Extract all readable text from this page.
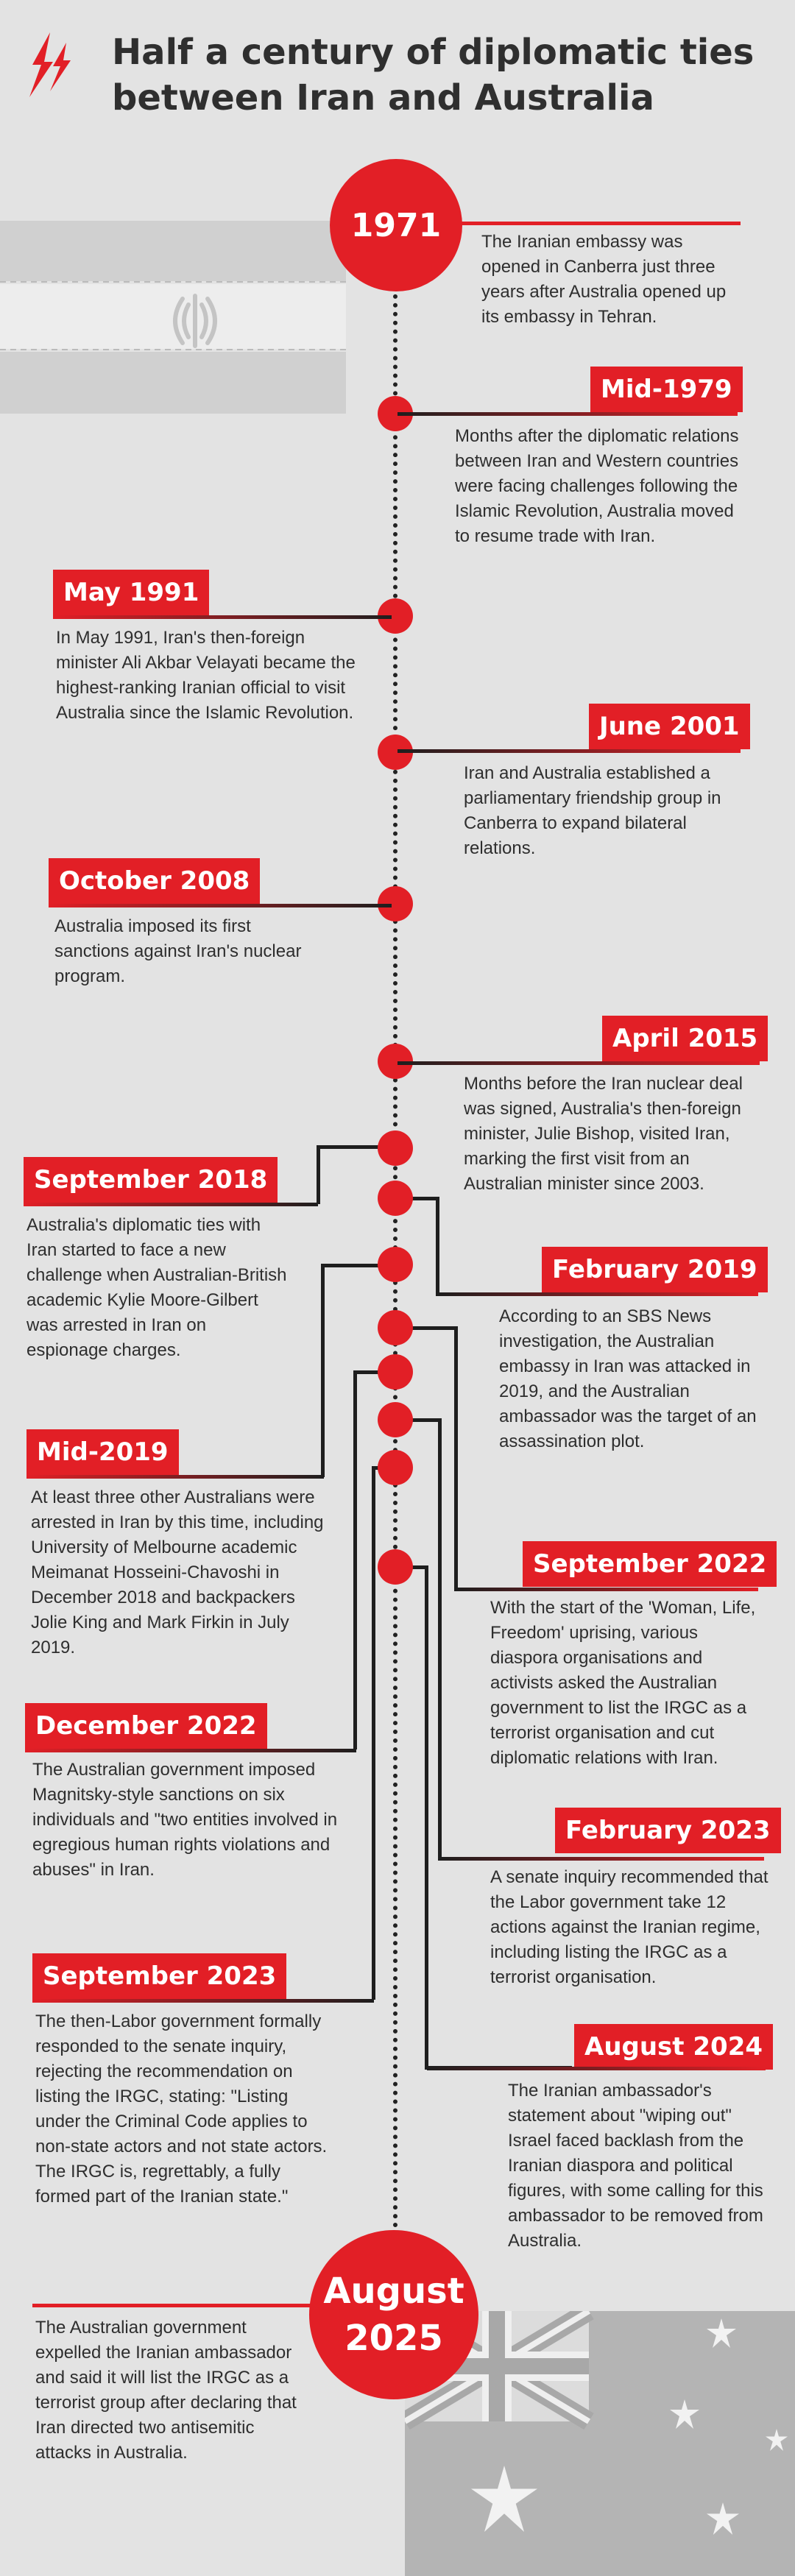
Half a century of diplomatic ties between Iran and Australia
1971	The Iranian embassy was opened in Canberra just three years after Australia opened up its embassy in Tehran.
Mid-1979
Months after the diplomatic relations between Iran and Western countries were facing challenges following the Islamic Revolution, Australia moved to resume trade with Iran.
May 1991
In May 1991, Iran's then-foreign minister Ali Akbar Velayati became the highest-ranking Iranian official to visit Australia since the Islamic Revolution.	June 2001
Iran and Australia established a parliamentary friendship group in Canberra to expand bilateral relations.
October 2008
Australia imposed its first sanctions against Iran's nuclear program.
April 2015
Months before the Iran nuclear deal was signed, Australia's then-foreign minister, Julie Bishop, visited Iran, marking the first visit from an Australian minister since 2003.
September 2018
Australia's diplomatic ties with Iran started to face a new challenge when Australian-British academic Kylie Moore-Gilbert was arrested in Iran on espionage charges.
February 2019
According to an SBS News investigation, the Australian embassy in Iran was attacked in 2019, and the Australian ambassador was the target of an assassination plot.
Mid-2019
At least three other Australians were arrested in Iran by this time, including University of Melbourne academic Meimanat Hosseini-Chavoshi in December 2018 and backpackers Jolie King and Mark Firkin in July 2019.
September 2022
With the start of the 'Woman, Life, Freedom' uprising, various diaspora organisations and activists asked the Australian government to list the IRGC as a terrorist organisation and cut diplomatic relations with Iran.
December 2022
The Australian government imposed Magnitsky-style sanctions on six individuals and "two entities involved in egregious human rights violations and abuses" in Iran.
February 2023
A senate inquiry recommended that the Labor government take 12 actions against the Iranian regime, including listing the IRGC as a terrorist organisation.
September 2023
The then-Labor government formally responded to the senate inquiry, rejecting the recommendation on listing the IRGC, stating: "Listing under the Criminal Code applies to non-state actors and not state actors. The IRGC is, regrettably, a fully formed part of the Iranian state."
August 2024
The Iranian ambassador's statement about "wiping out" Israel faced backlash from the Iranian diaspora and political figures, with some calling for this ambassador to be removed from Australia.
August
2025
The Australian government expelled the Iranian ambassador and said it will list the IRGC as a terrorist group after declaring that Iran directed two antisemitic attacks in Australia.
